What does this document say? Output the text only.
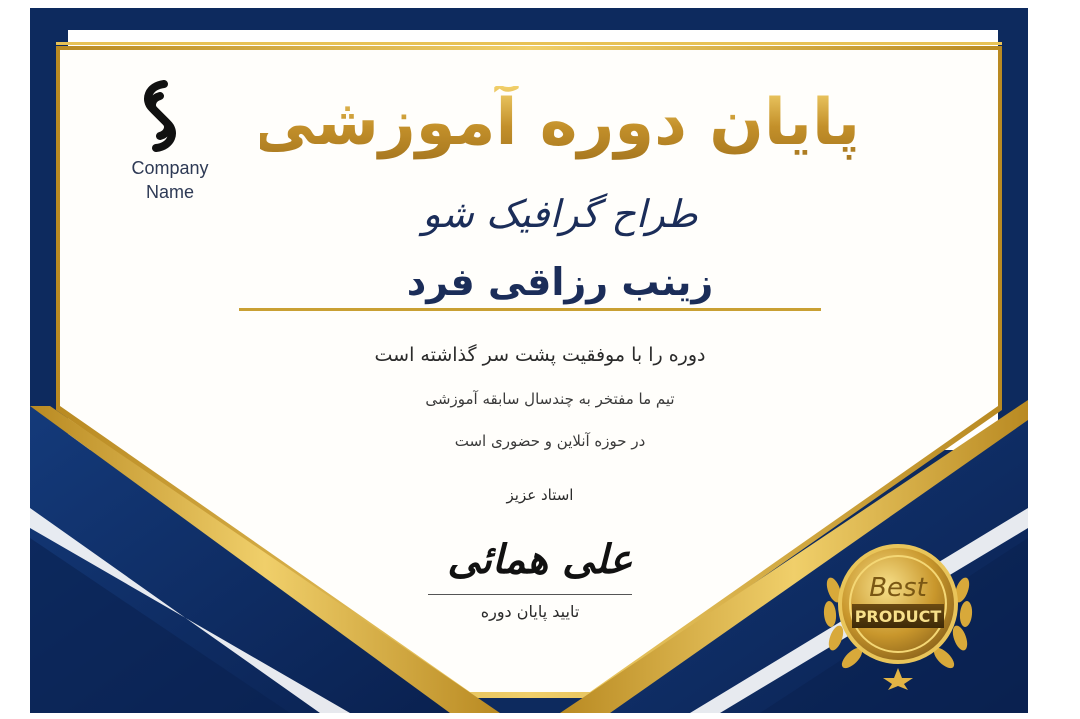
Company
Name
پایان دوره آموزشی
طراح گرافیک شو
زینب رزاقی فرد
دوره را با موفقیت پشت سر گذاشته است
تیم ما مفتخر به چندسال سابقه آموزشی
در حوزه آنلاین و حضوری است
استاد عزیز
علی همائی
تایید پایان دوره
Best
PRODUCT
